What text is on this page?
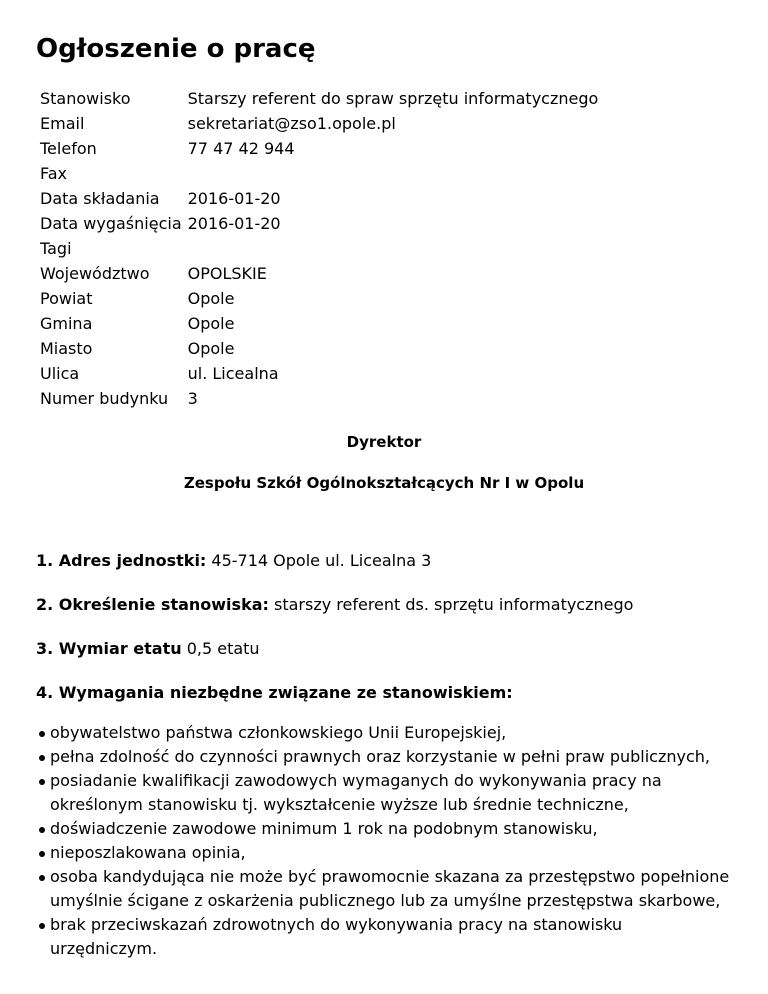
Ogłoszenie o pracę
Stanowisko	Starszy referent do spraw sprzętu informatycznego
Email	sekretariat@zso1.opole.pl
Telefon	77 47 42 944
Fax	
Data składania	2016-01-20
Data wygaśnięcia	2016-01-20
Tagi	
Województwo	OPOLSKIE
Powiat	Opole
Gmina	Opole
Miasto	Opole
Ulica	ul. Licealna
Numer budynku	3
Dyrektor
Zespołu Szkół Ogólnokształcących Nr I w Opolu

1. Adres jednostki: 45-714 Opole ul. Licealna 3

2. Określenie stanowiska: starszy referent ds. sprzętu informatycznego

3. Wymiar etatu 0,5 etatu

4. Wymagania niezbędne związane ze stanowiskiem:

obywatelstwo państwa członkowskiego Unii Europejskiej,
pełna zdolność do czynności prawnych oraz korzystanie w pełni praw publicznych,
posiadanie kwalifikacji zawodowych wymaganych do wykonywania pracy na określonym stanowisku tj. wykształcenie wyższe lub średnie techniczne,
doświadczenie zawodowe minimum 1 rok na podobnym stanowisku,
nieposzlakowana opinia,
osoba kandydująca nie może być prawomocnie skazana za przestępstwo popełnione umyślnie ścigane z oskarżenia publicznego lub za umyślne przestępstwa skarbowe,
brak przeciwskazań zdrowotnych do wykonywania pracy na stanowisku urzędniczym.
